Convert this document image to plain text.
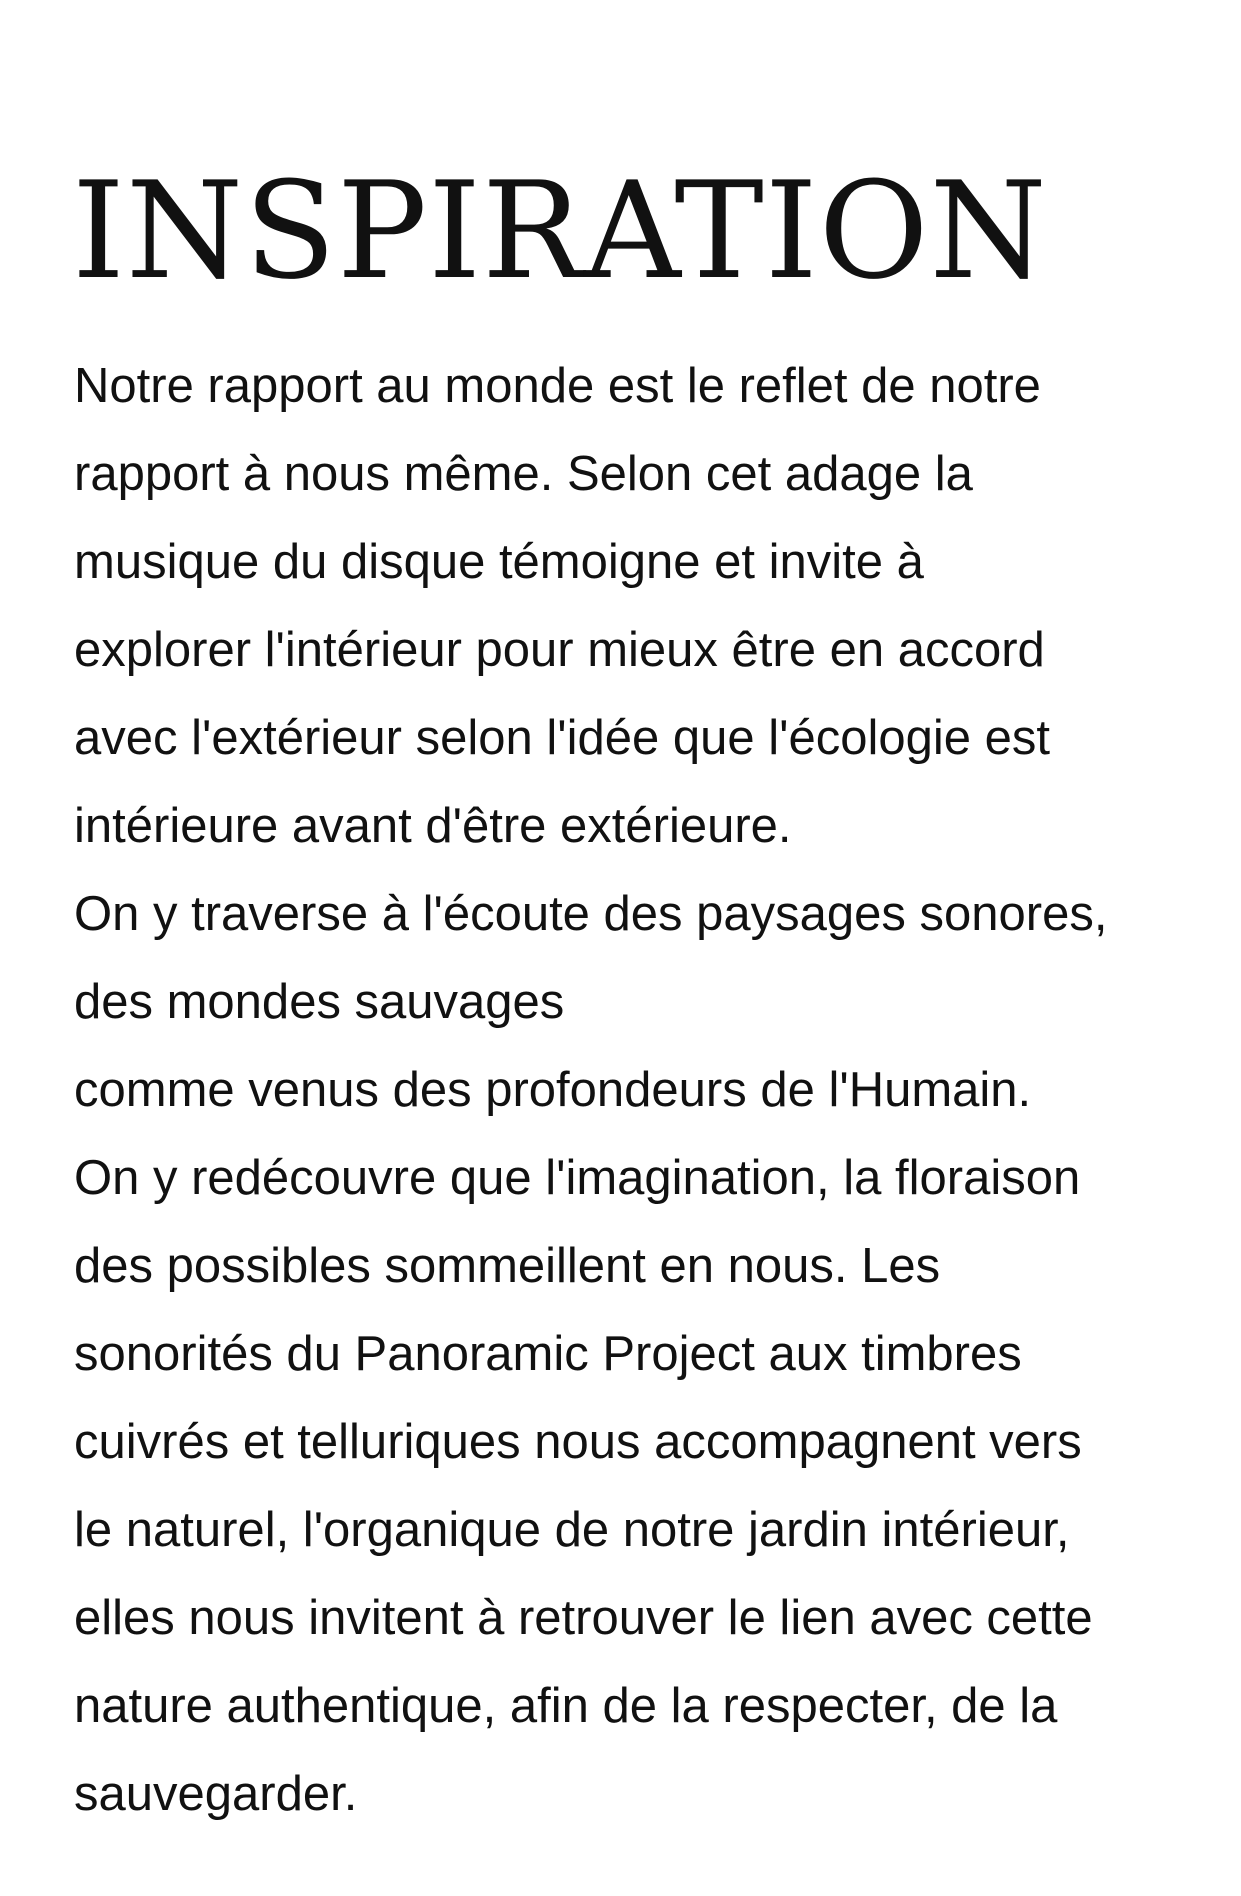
INSPIRATION
Notre rapport au monde est le reflet de notre
rapport à nous même. Selon cet adage la
musique du disque témoigne et invite à
explorer l'intérieur pour mieux être en accord
avec l'extérieur selon l'idée que l'écologie est
intérieure avant d'être extérieure.
On y traverse à l'écoute des paysages sonores,
des mondes sauvages
comme venus des profondeurs de l'Humain.
On y redécouvre que l'imagination, la floraison
des possibles sommeillent en nous. Les
sonorités du Panoramic Project aux timbres
cuivrés et telluriques nous accompagnent vers
le naturel, l'organique de notre jardin intérieur,
elles nous invitent à retrouver le lien avec cette
nature authentique, afin de la respecter, de la
sauvegarder.
